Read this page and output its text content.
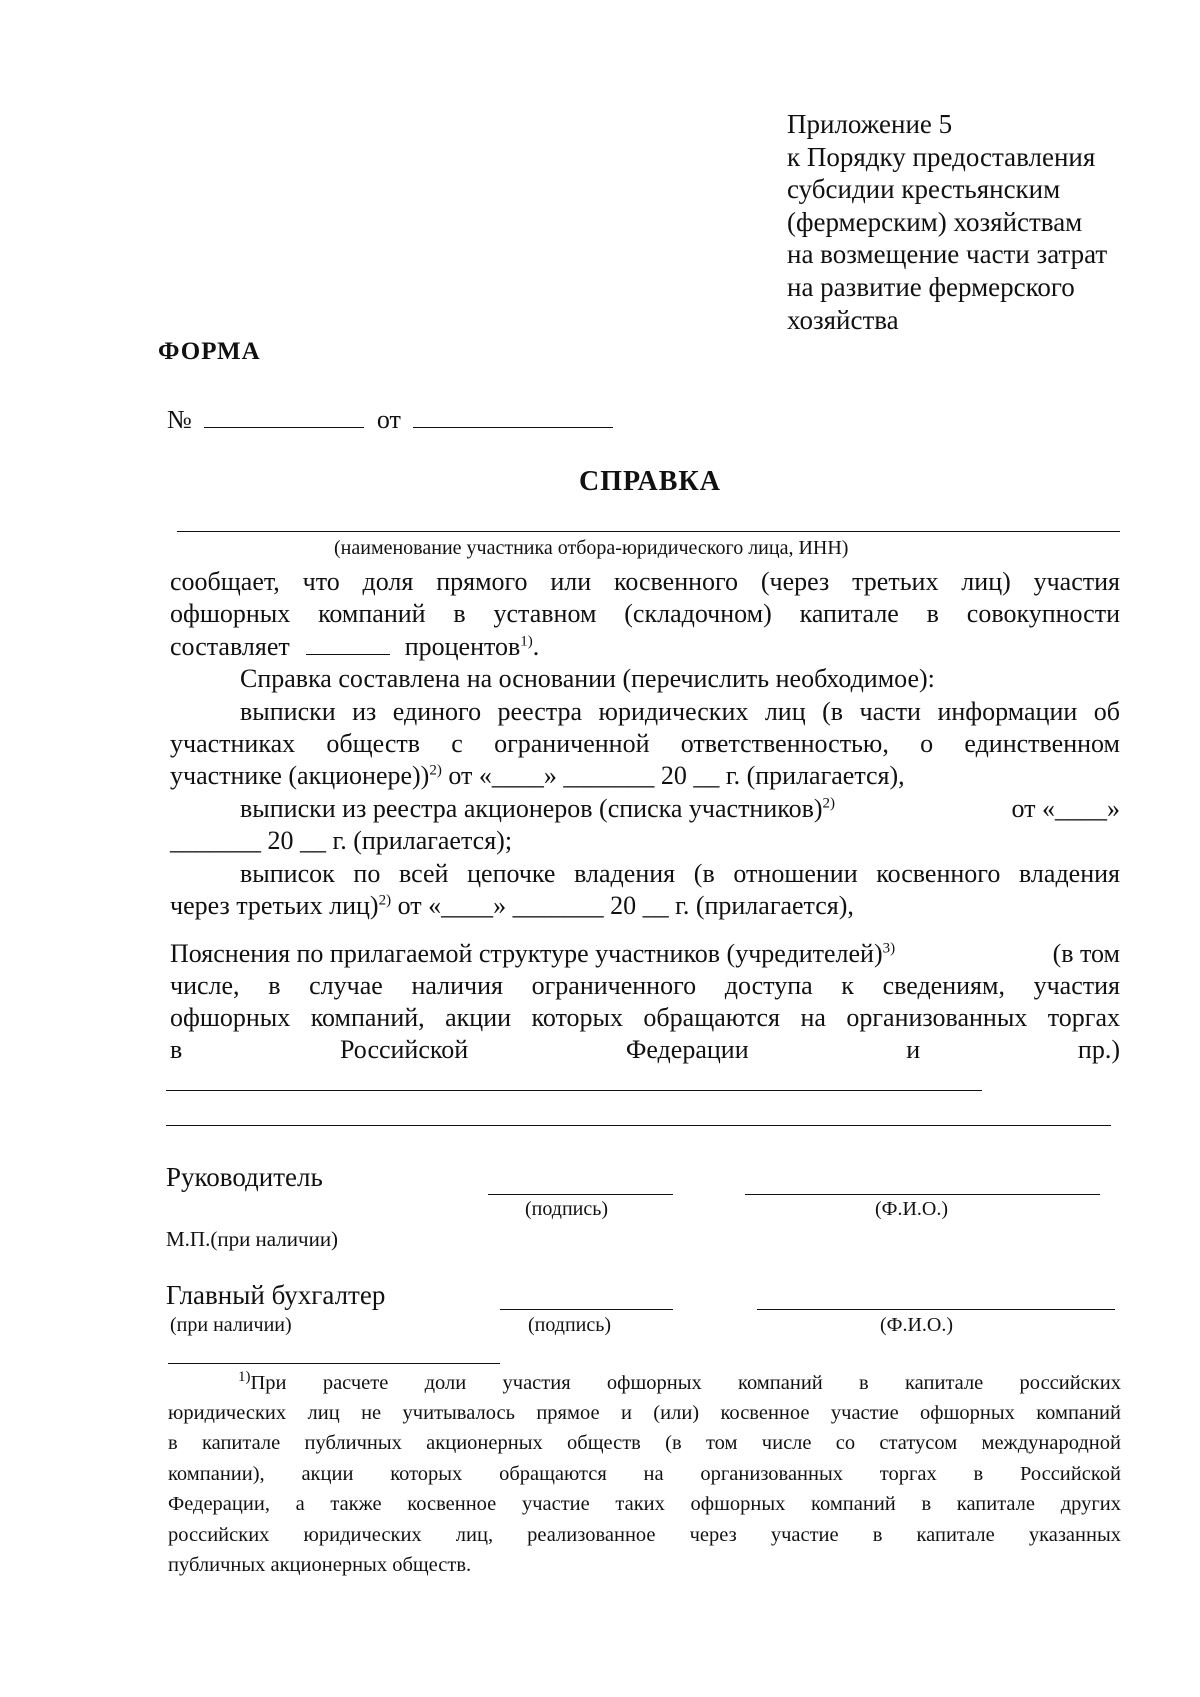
Приложение 5
к Порядку предоставления
субсидии крестьянским
(фермерским) хозяйствам
на возмещение части затрат
на развитие фермерского
хозяйства
ФОРМА
№	от
СПРАВКА
(наименование участника отбора-юридического лица, ИНН)
сообщает, что доля прямого или косвенного (через третьих лиц) участия
офшорных компаний в уставном (складочном) капитале в совокупности
составляет	процентов$^{1)}$.
Справка составлена на основании (перечислить необходимое):
выписки из единого реестра юридических лиц (в части информации об
участниках обществ с ограниченной ответственностью, о единственном
участнике (акционере))$^{2)}$ от «____» _______ 20 __ г. (прилагается),
выписки из реестра акционеров (списка участников)$^{2)}$	от «____»
_______ 20 __ г. (прилагается);
выписок по всей цепочке владения (в отношении косвенного владения
через третьих лиц)$^{2)}$ от «____» _______ 20 __ г. (прилагается),
Пояснения по прилагаемой структуре участников (учредителей)$^{3)}$	(в том
числе, в случае наличия ограниченного доступа к сведениям, участия
офшорных компаний, акции которых обращаются на организованных торгах
в Российской Федерации и пр.)
Руководитель
(подпись)	(Ф.И.О.)
М.П.(при наличии)
Главный бухгалтер
(при наличии)	(подпись)	(Ф.И.О.)
$^{1)}$При расчете доли участия офшорных компаний в капитале российских
юридических лиц не учитывалось прямое и (или) косвенное участие офшорных компаний
в капитале публичных акционерных обществ (в том числе со статусом международной
компании), акции которых обращаются на организованных торгах в Российской
Федерации, а также косвенное участие таких офшорных компаний в капитале других
российских юридических лиц, реализованное через участие в капитале указанных
публичных акционерных обществ.
